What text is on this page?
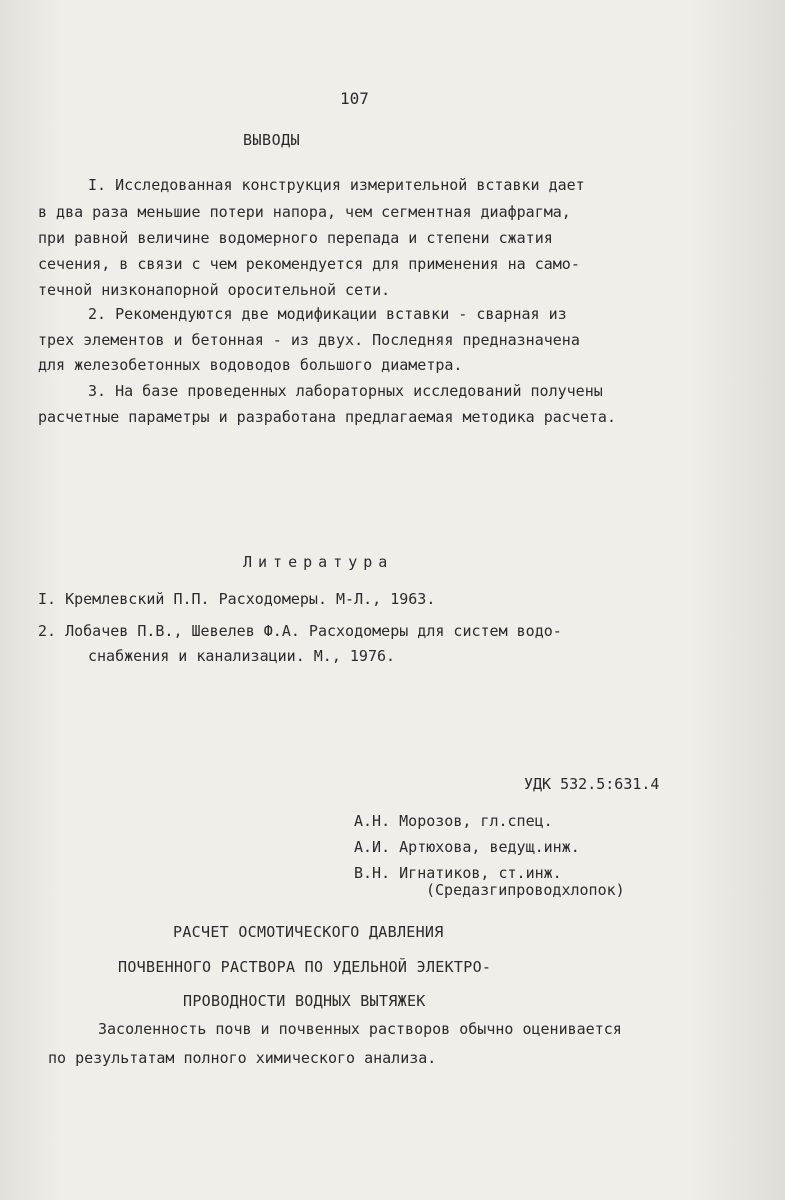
107

ВЫВОДЫ

I. Исследованная конструкция измерительной вставки дает

в два раза меньшие потери напора, чем сегментная диафрагма,

при равной величине водомерного перепада и степени сжатия

сечения, в связи с чем рекомендуется для применения на само-

течной низконапорной оросительной сети.

2. Рекомендуются две модификации вставки - сварная из

трех элементов и бетонная - из двух. Последняя предназначена

для железобетонных водоводов большого диаметра.

3. На базе проведенных лабораторных исследований получены

расчетные параметры и разработана предлагаемая методика расчета.

Литература

I. Кремлевский П.П. Расходомеры. М-Л., 1963.

2. Лобачев П.В., Шевелев Ф.А. Расходомеры для систем водо-

снабжения и канализации. М., 1976.

УДК 532.5:631.4

А.Н. Морозов, гл.спец.

А.И. Артюхова, ведущ.инж.

В.Н. Игнатиков, ст.инж.

(Средазгипроводхлопок)

РАСЧЕТ ОСМОТИЧЕСКОГО ДАВЛЕНИЯ

ПОЧВЕННОГО РАСТВОРА ПО УДЕЛЬНОЙ ЭЛЕКТРО-

ПРОВОДНОСТИ ВОДНЫХ ВЫТЯЖЕК

Засоленность почв и почвенных растворов обычно оценивается

по результатам полного химического анализа.
